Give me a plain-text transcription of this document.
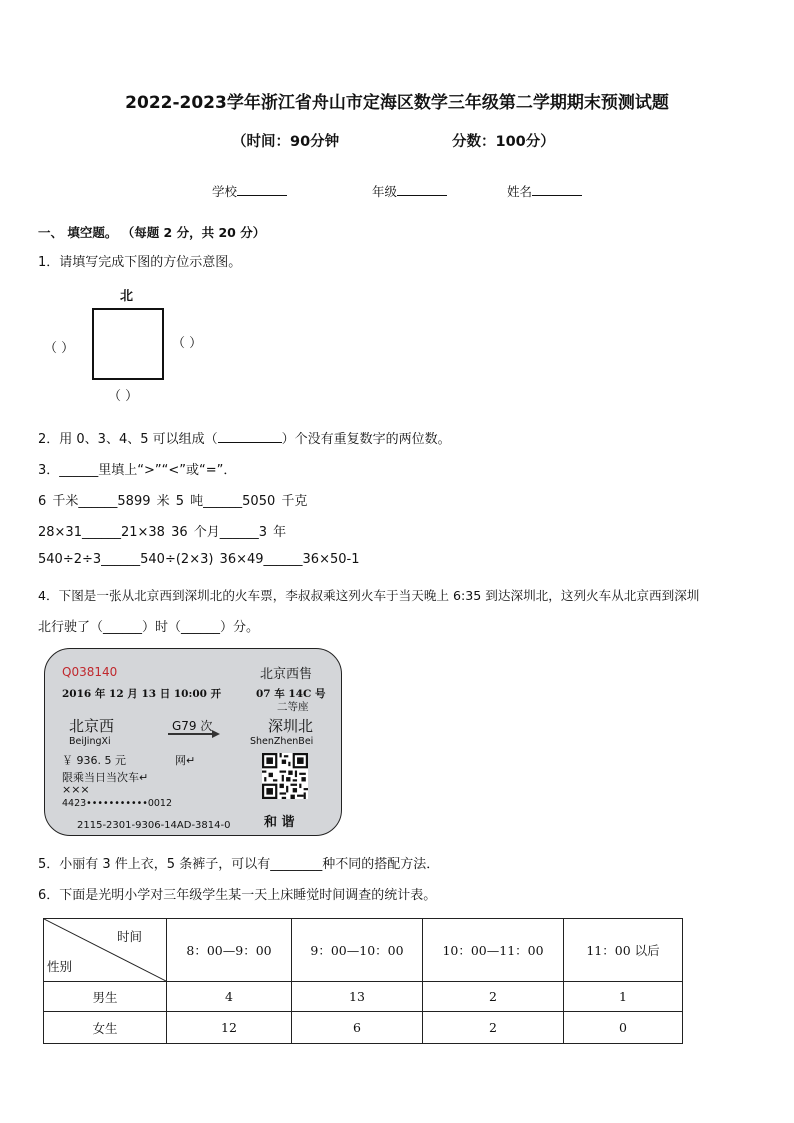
2022-2023学年浙江省舟山市定海区数学三年级第二学期期末预测试题
（时间：90分钟	分数：100分）
学校	年级	姓名
一、 填空题。 （每题 2 分，共 20 分）
1．请填写完成下图的方位示意图。
北
（ ）	（ ）
（ ）
2．用 0、3、4、5 可以组成（	）个没有重复数字的两位数。
3．______里填上“>”“<”或“=”．
6 千米______5899 米 5 吨______5050 千克
28×31______21×38 36 个月______3 年
540÷2÷3______540÷(2×3) 36×49______36×50-1
4．下图是一张从北京西到深圳北的火车票，李叔叔乘这列火车于当天晚上 6:35 到达深圳北，这列火车从北京西到深圳
北行驶了（______）时（______）分。
Q038140	北京西售
2016 年 12 月 13 日 10:00 开	07 车 14C 号
二等座
北京西	G79 次	深圳北
BeiJingXi	ShenZhenBei
￥ 936. 5 元	网↵
限乘当日当次车↵
×××
4423•••••••••••0012
2115-2301-9306-14AD-3814-0	和 谐
5．小丽有 3 件上衣，5 条裤子，可以有________种不同的搭配方法．
6．下面是光明小学对三年级学生某一天上床睡觉时间调查的统计表。
时间
性别	8：00—9：00	9：00—10：00	10：00—11：00	11：00 以后
男生	4	13	2	1
女生	12	6	2	0
